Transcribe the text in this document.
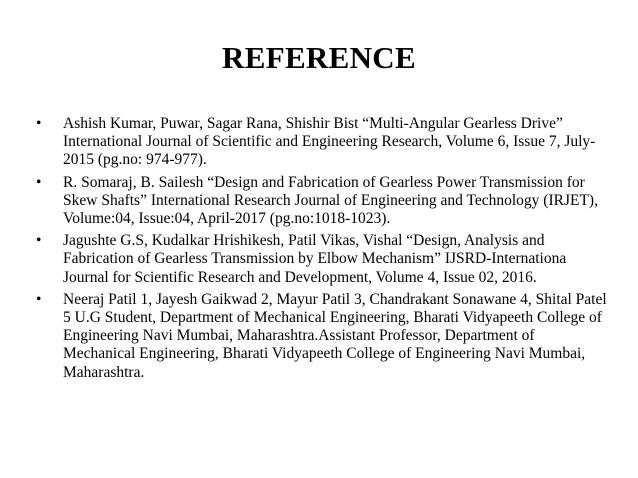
REFERENCE
• Ashish Kumar, Puwar, Sagar Rana, Shishir Bist “Multi-Angular Gearless Drive” International Journal of Scientific and Engineering Research, Volume 6, Issue 7, July-2015 (pg.no: 974-977).
• R. Somaraj, B. Sailesh “Design and Fabrication of Gearless Power Transmission for Skew Shafts” International Research Journal of Engineering and Technology (IRJET), Volume:04, Issue:04, April-2017 (pg.no:1018-1023).
• Jagushte G.S, Kudalkar Hrishikesh, Patil Vikas, Vishal “Design, Analysis and Fabrication of Gearless Transmission by Elbow Mechanism” IJSRD-Internationa Journal for Scientific Research and Development, Volume 4, Issue 02, 2016.
• Neeraj Patil 1, Jayesh Gaikwad 2, Mayur Patil 3, Chandrakant Sonawane 4, Shital Patel 5 U.G Student, Department of Mechanical Engineering, Bharati Vidyapeeth College of Engineering Navi Mumbai, Maharashtra.Assistant Professor, Department of Mechanical Engineering, Bharati Vidyapeeth College of Engineering Navi Mumbai, Maharashtra.
